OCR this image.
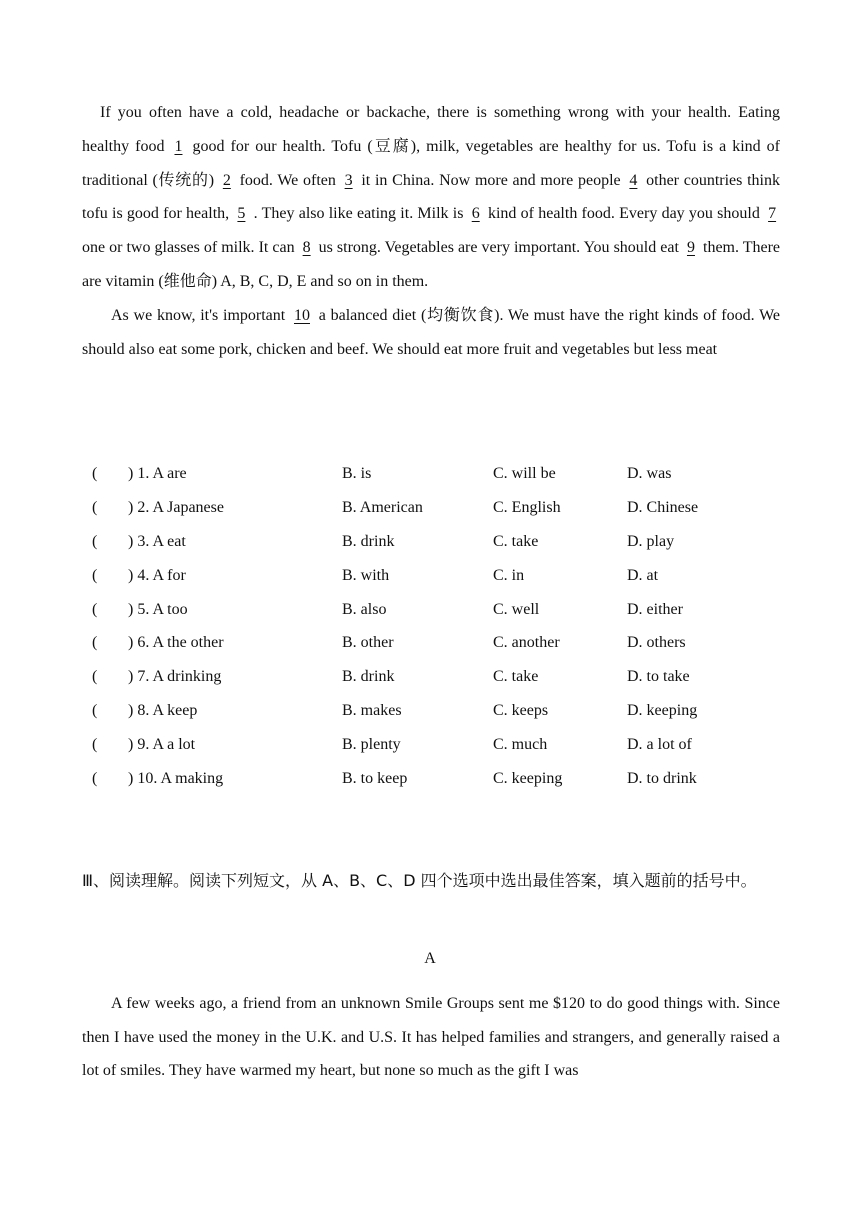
If you often have a cold, headache or backache, there is something wrong with your health. Eating healthy food 1 good for our health. Tofu (豆腐), milk, vegetables are healthy for us. Tofu is a kind of traditional (传统的) 2 food. We often 3 it in China. Now more and more people 4 other countries think tofu is good for health, 5 . They also like eating it. Milk is 6 kind of health food. Every day you should 7 one or two glasses of milk. It can 8 us strong. Vegetables are very important. You should eat 9 them. There are vitamin (维他命) A, B, C, D, E and so on in them.

As we know, it's important 10 a balanced diet (均衡饮食). We must have the right kinds of food. We should also eat some pork, chicken and beef. We should eat more fruit and vegetables but less meat

( ) 1. A are	B. is	C. will be	D. was
( ) 2. A Japanese	B. American	C. English	D. Chinese
( ) 3. A eat	B. drink	C. take	D. play
( ) 4. A for	B. with	C. in	D. at
( ) 5. A too	B. also	C. well	D. either
( ) 6. A the other	B. other	C. another	D. others
( ) 7. A drinking	B. drink	C. take	D. to take
( ) 8. A keep	B. makes	C. keeps	D. keeping
( ) 9. A a lot	B. plenty	C. much	D. a lot of
( ) 10. A making	B. to keep	C. keeping	D. to drink

Ⅲ、阅读理解。阅读下列短文，从 A、B、C、D 四个选项中选出最佳答案，填入题前的括号中。

A

A few weeks ago, a friend from an unknown Smile Groups sent me $120 to do good things with. Since then I have used the money in the U.K. and U.S. It has helped families and strangers, and generally raised a lot of smiles. They have warmed my heart, but none so much as the gift I was
